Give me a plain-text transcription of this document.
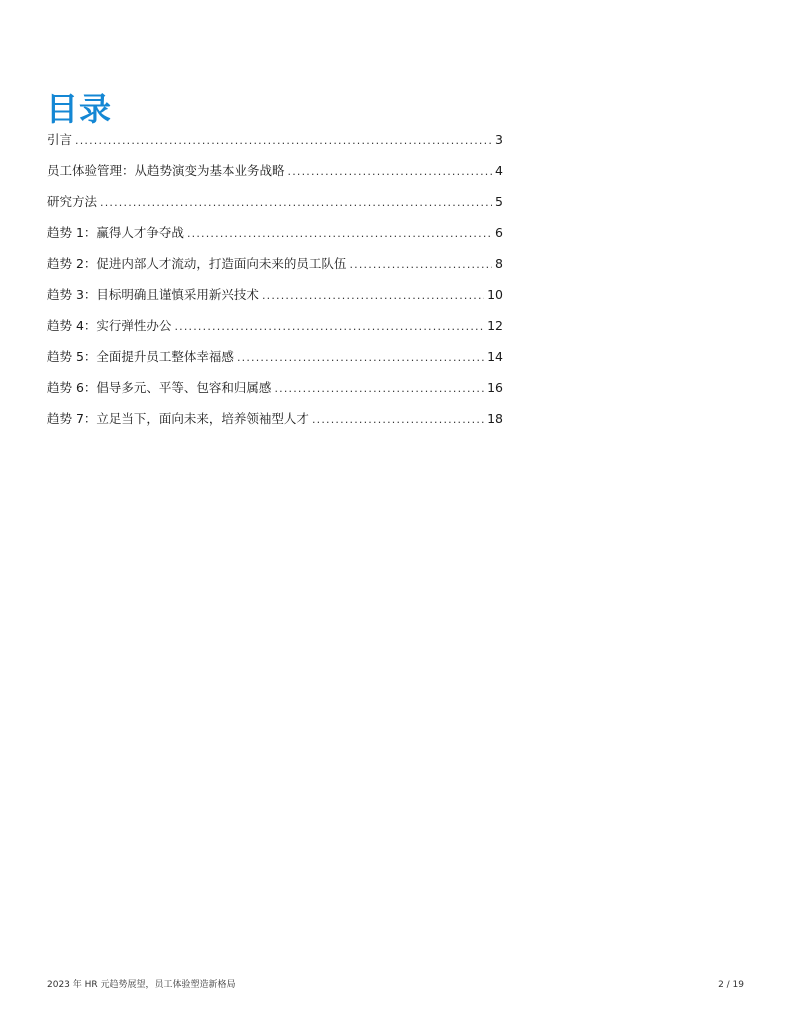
目录
引言 .....	3
员工体验管理：从趋势演变为基本业务战略 .....	4
研究方法 .....	5
趋势 1：赢得人才争夺战 .....	6
趋势 2：促进内部人才流动，打造面向未来的员工队伍 .....	8
趋势 3：目标明确且谨慎采用新兴技术 .....	10
趋势 4：实行弹性办公 .....	12
趋势 5：全面提升员工整体幸福感 .....	14
趋势 6：倡导多元、平等、包容和归属感 .....	16
趋势 7：立足当下，面向未来，培养领袖型人才 .....	18
2023 年 HR 元趋势展望，员工体验塑造新格局	2 / 19
